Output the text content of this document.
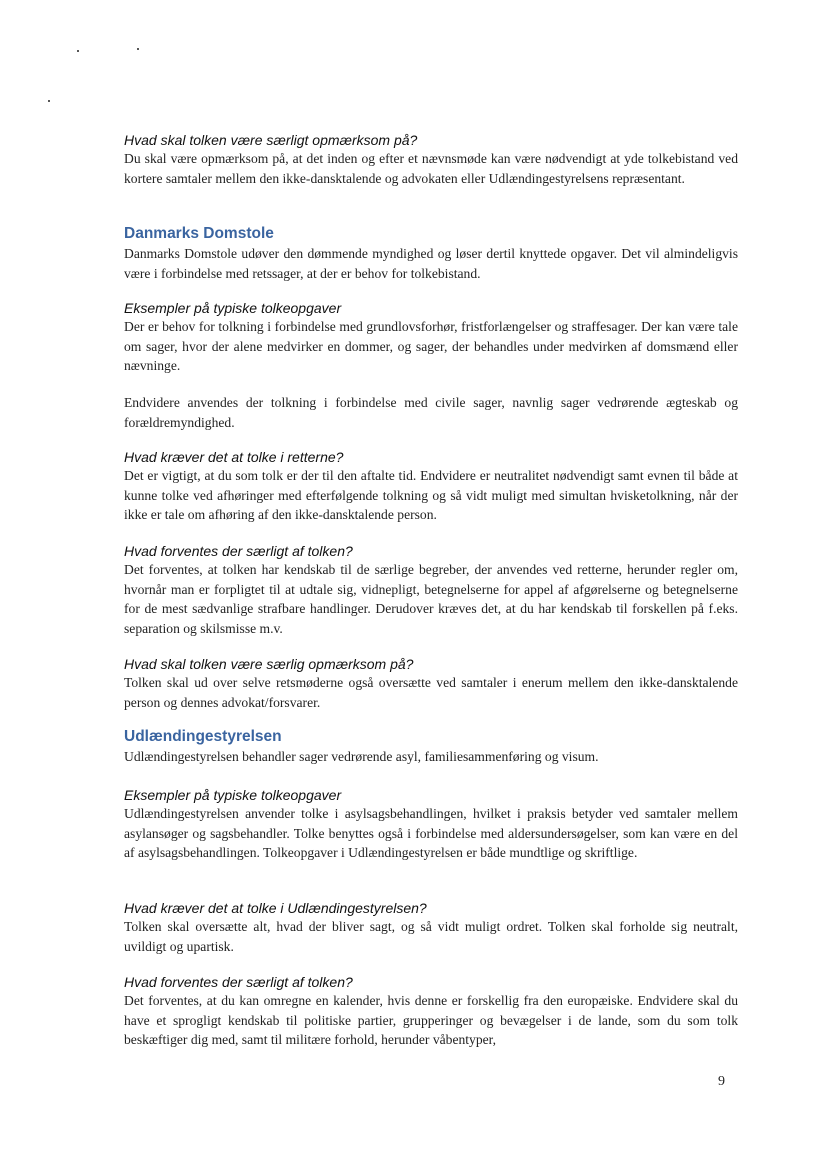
Hvad skal tolken være særligt opmærksom på?

Du skal være opmærksom på, at det inden og efter et nævnsmøde kan være nødvendigt at yde tolkebistand ved kortere samtaler mellem den ikke-dansktalende og advokaten eller Udlændingestyrelsens repræsentant.

Danmarks Domstole

Danmarks Domstole udøver den dømmende myndighed og løser dertil knyttede opgaver. Det vil almindeligvis være i forbindelse med retssager, at der er behov for tolkebistand.

Eksempler på typiske tolkeopgaver

Der er behov for tolkning i forbindelse med grundlovsforhør, fristforlængelser og straffesager. Der kan være tale om sager, hvor der alene medvirker en dommer, og sager, der behandles under medvirken af domsmænd eller nævninge.

Endvidere anvendes der tolkning i forbindelse med civile sager, navnlig sager vedrørende ægteskab og forældremyndighed.

Hvad kræver det at tolke i retterne?

Det er vigtigt, at du som tolk er der til den aftalte tid. Endvidere er neutralitet nødvendigt samt evnen til både at kunne tolke ved afhøringer med efterfølgende tolkning og så vidt muligt med simultan hvisketolkning, når der ikke er tale om afhøring af den ikke-dansktalende person.

Hvad forventes der særligt af tolken?

Det forventes, at tolken har kendskab til de særlige begreber, der anvendes ved retterne, herunder regler om, hvornår man er forpligtet til at udtale sig, vidnepligt, betegnelserne for appel af afgørelserne og betegnelserne for de mest sædvanlige strafbare handlinger. Derudover kræves det, at du har kendskab til forskellen på f.eks. separation og skilsmisse m.v.

Hvad skal tolken være særlig opmærksom på?

Tolken skal ud over selve retsmøderne også oversætte ved samtaler i enerum mellem den ikke-dansktalende person og dennes advokat/forsvarer.

Udlændingestyrelsen

Udlændingestyrelsen behandler sager vedrørende asyl, familiesammenføring og visum.

Eksempler på typiske tolkeopgaver

Udlændingestyrelsen anvender tolke i asylsagsbehandlingen, hvilket i praksis betyder ved samtaler mellem asylansøger og sagsbehandler. Tolke benyttes også i forbindelse med aldersundersøgelser, som kan være en del af asylsagsbehandlingen. Tolkeopgaver i Udlændingestyrelsen er både mundtlige og skriftlige.

Hvad kræver det at tolke i Udlændingestyrelsen?

Tolken skal oversætte alt, hvad der bliver sagt, og så vidt muligt ordret. Tolken skal forholde sig neutralt, uvildigt og upartisk.

Hvad forventes der særligt af tolken?

Det forventes, at du kan omregne en kalender, hvis denne er forskellig fra den europæiske. Endvidere skal du have et sprogligt kendskab til politiske partier, grupperinger og bevægelser i de lande, som du som tolk beskæftiger dig med, samt til militære forhold, herunder våbentyper,

9
